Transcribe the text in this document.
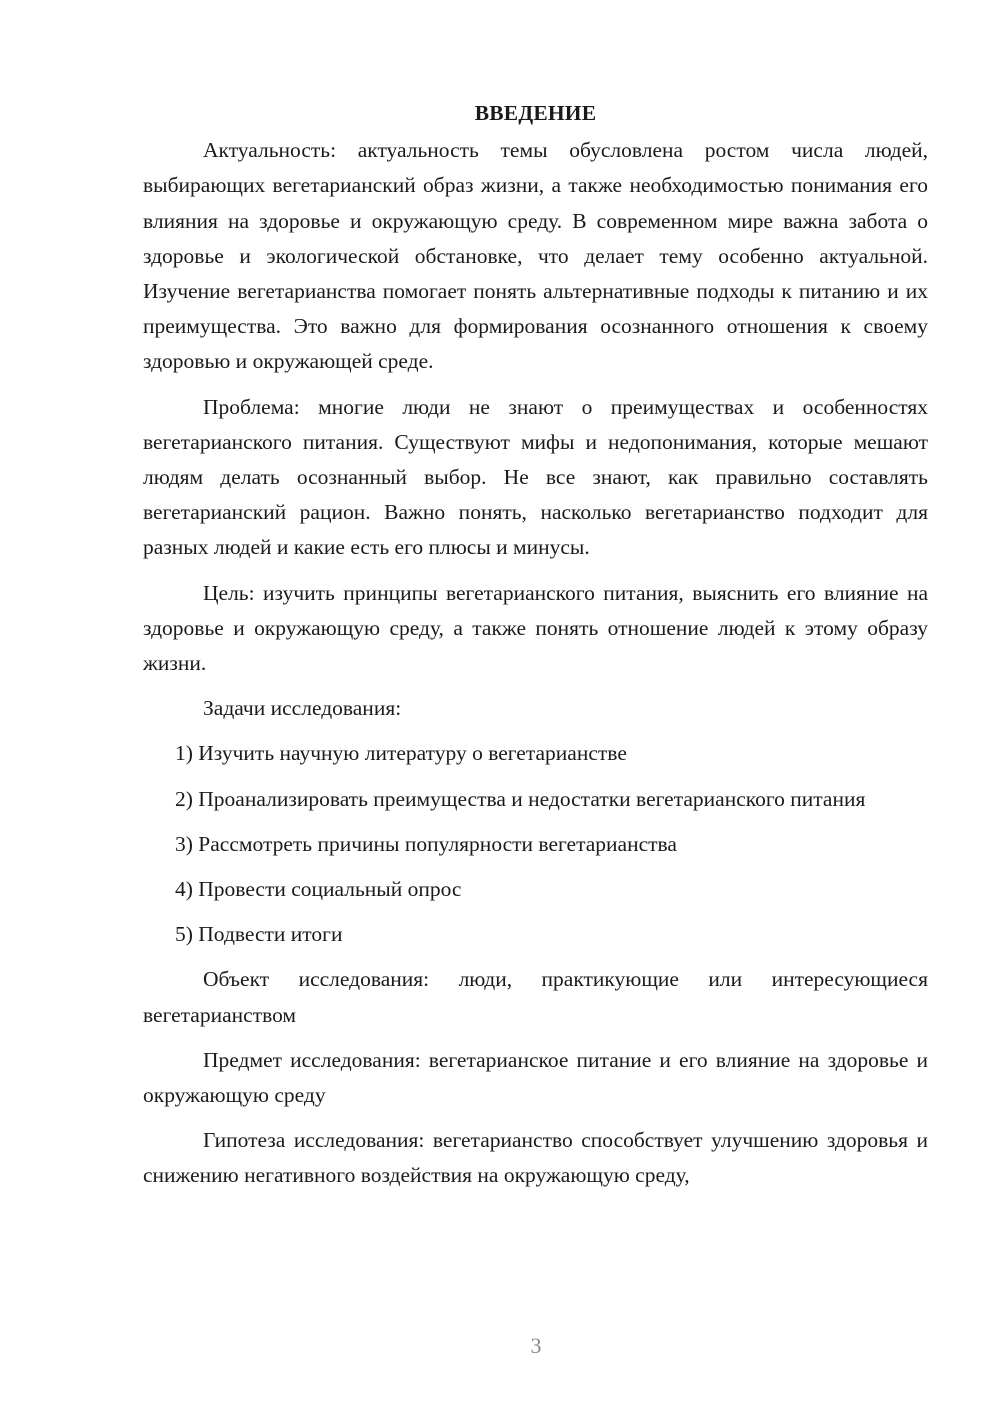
ВВЕДЕНИЕ

Актуальность: актуальность темы обусловлена ростом числа людей, выбирающих вегетарианский образ жизни, а также необходимостью понимания его влияния на здоровье и окружающую среду. В современном мире важна забота о здоровье и экологической обстановке, что делает тему особенно актуальной. Изучение вегетарианства помогает понять альтернативные подходы к питанию и их преимущества. Это важно для формирования осознанного отношения к своему здоровью и окружающей среде.

Проблема: многие люди не знают о преимуществах и особенностях вегетарианского питания. Существуют мифы и недопонимания, которые мешают людям делать осознанный выбор. Не все знают, как правильно составлять вегетарианский рацион. Важно понять, насколько вегетарианство подходит для разных людей и какие есть его плюсы и минусы.

Цель: изучить принципы вегетарианского питания, выяснить его влияние на здоровье и окружающую среду, а также понять отношение людей к этому образу жизни.

Задачи исследования:

1) Изучить научную литературу о вегетарианстве

2) Проанализировать преимущества и недостатки вегетарианского питания

3) Рассмотреть причины популярности вегетарианства

4) Провести социальный опрос

5) Подвести итоги

Объект исследования: люди, практикующие или интересующиеся вегетарианством

Предмет исследования: вегетарианское питание и его влияние на здоровье и окружающую среду

Гипотеза исследования: вегетарианство способствует улучшению здоровья и снижению негативного воздействия на окружающую среду,

3
